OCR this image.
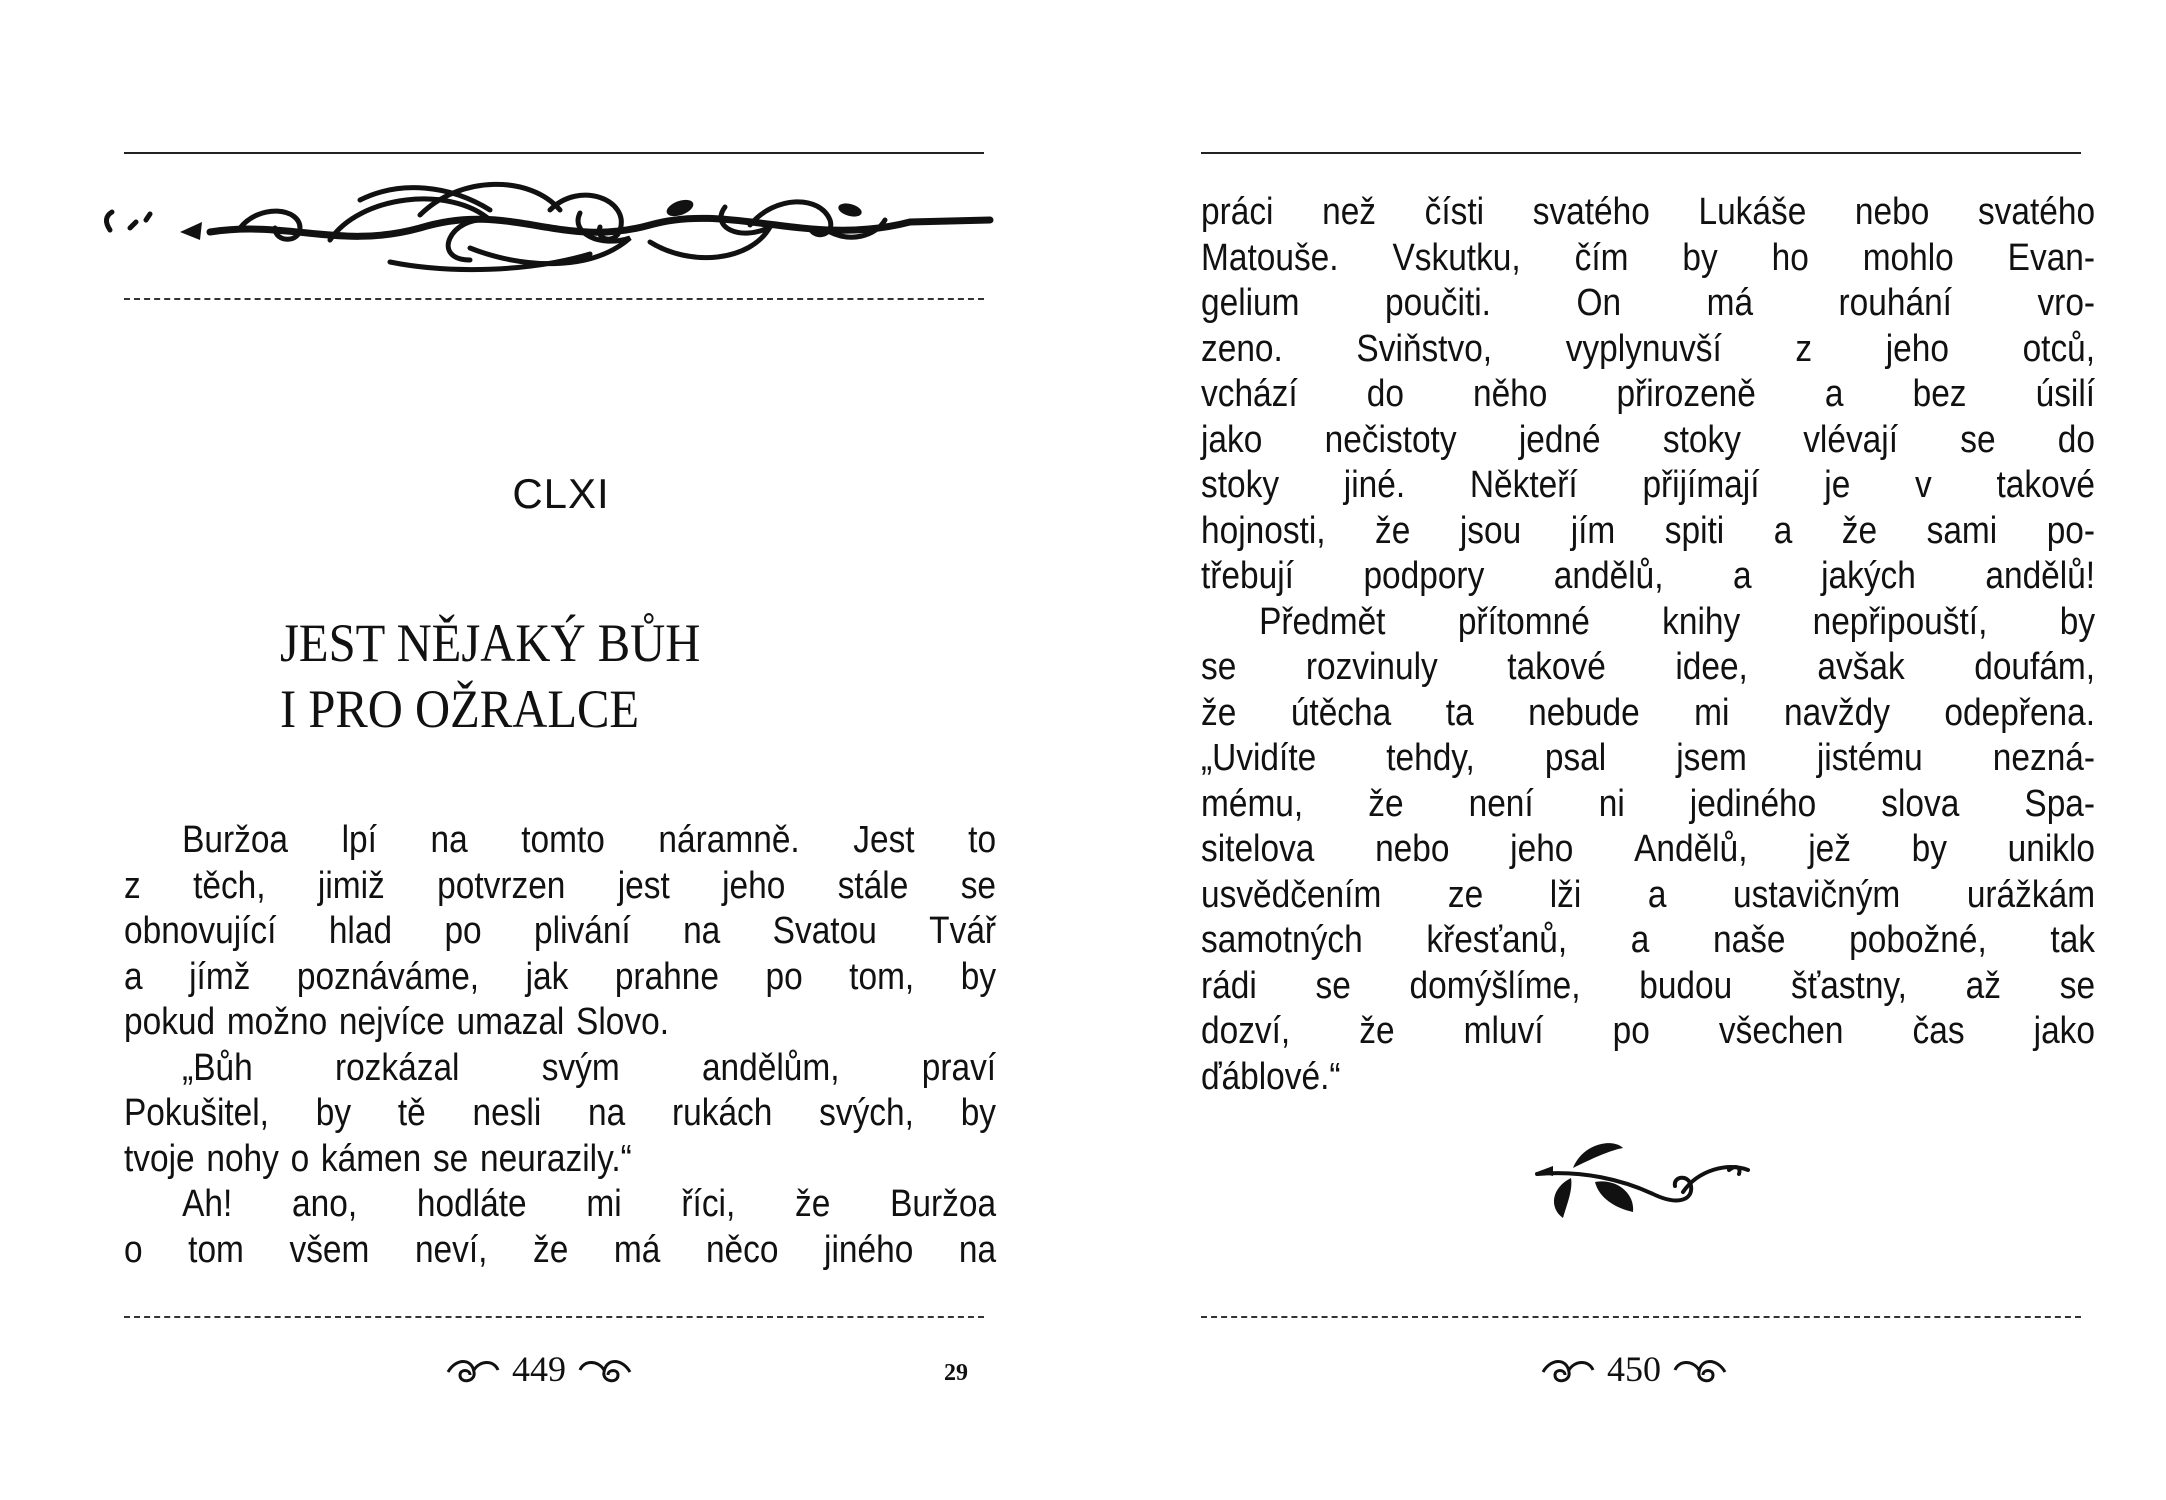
CLXI
JEST NĚJAKÝ BŮH
I PRO OŽRALCE
Buržoa lpí na tomto náramně. Jest to
z těch, jimiž potvrzen jest jeho stále se
obnovující hlad po plivání na Svatou Tvář
a jímž poznáváme, jak prahne po tom, by
pokud možno nejvíce umazal Slovo.
„Bůh rozkázal svým andělům, praví
Pokušitel, by tě nesli na rukách svých, by
tvoje nohy o kámen se neurazily.“
Ah! ano, hodláte mi říci, že Buržoa
o tom všem neví, že má něco jiného na
449	29
práci než čísti svatého Lukáše nebo svatého
Matouše. Vskutku, čím by ho mohlo Evan-
gelium poučiti. On má rouhání vro-
zeno. Sviňstvo, vyplynuvší z jeho otců,
vchází do něho přirozeně a bez úsilí
jako nečistoty jedné stoky vlévají se do
stoky jiné. Někteří přijímají je v takové
hojnosti, že jsou jím spiti a že sami po-
třebují podpory andělů, a jakých andělů!
Předmět přítomné knihy nepřipouští, by
se rozvinuly takové idee, avšak doufám,
že útěcha ta nebude mi navždy odepřena.
„Uvidíte tehdy, psal jsem jistému nezná-
mému, že není ni jediného slova Spa-
sitelova nebo jeho Andělů, jež by uniklo
usvědčením ze lži a ustavičným urážkám
samotných křesťanů, a naše pobožné, tak
rádi se domýšlíme, budou šťastny, až se
dozví, že mluví po všechen čas jako
ďáblové.“
450
